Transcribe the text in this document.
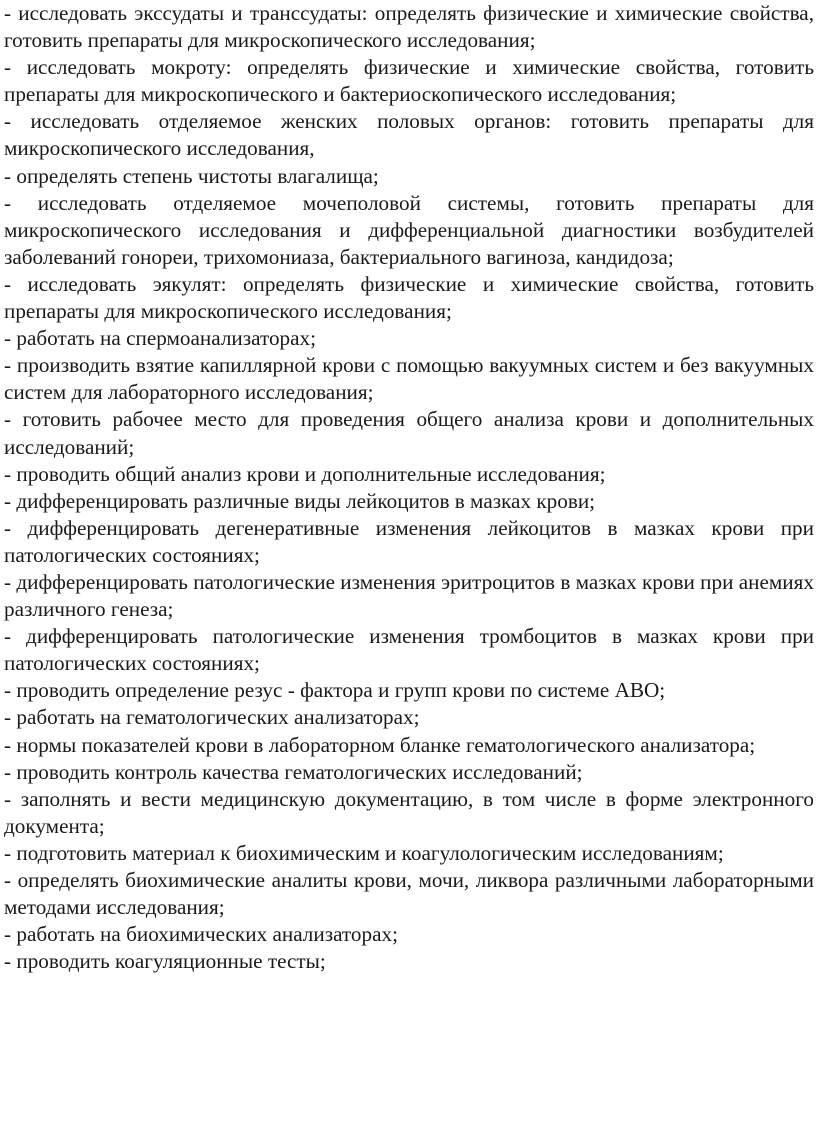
- исследовать экссудаты и транссудаты: определять физические и химические свойства, готовить препараты для микроскопического исследования;
- исследовать мокроту: определять физические и химические свойства, готовить препараты для микроскопического и бактериоскопического исследования;
- исследовать отделяемое женских половых органов: готовить препараты для микроскопического исследования,
- определять степень чистоты влагалища;
- исследовать отделяемое мочеполовой системы, готовить препараты для микроскопического исследования и дифференциальной диагностики возбудителей заболеваний гонореи, трихомониаза, бактериального вагиноза, кандидоза;
- исследовать эякулят: определять физические и химические свойства, готовить препараты для микроскопического исследования;
- работать на спермоанализаторах;
- производить взятие капиллярной крови с помощью вакуумных систем и без вакуумных систем для лабораторного исследования;
- готовить рабочее место для проведения общего анализа крови и дополнительных исследований;
- проводить общий анализ крови и дополнительные исследования;
- дифференцировать различные виды лейкоцитов в мазках крови;
- дифференцировать дегенеративные изменения лейкоцитов в мазках крови при патологических состояниях;
- дифференцировать патологические изменения эритроцитов в мазках крови при анемиях различного генеза;
- дифференцировать патологические изменения тромбоцитов в мазках крови при патологических состояниях;
- проводить определение резус - фактора и групп крови по системе АВО;
- работать на гематологических анализаторах;
- нормы показателей крови в лабораторном бланке гематологического анализатора;
- проводить контроль качества гематологических исследований;
- заполнять и вести медицинскую документацию, в том числе в форме электронного документа;
- подготовить материал к биохимическим и коагулологическим исследованиям;
- определять биохимические аналиты крови, мочи, ликвора различными лабораторными методами исследования;
- работать на биохимических анализаторах;
- проводить коагуляционные тесты;
